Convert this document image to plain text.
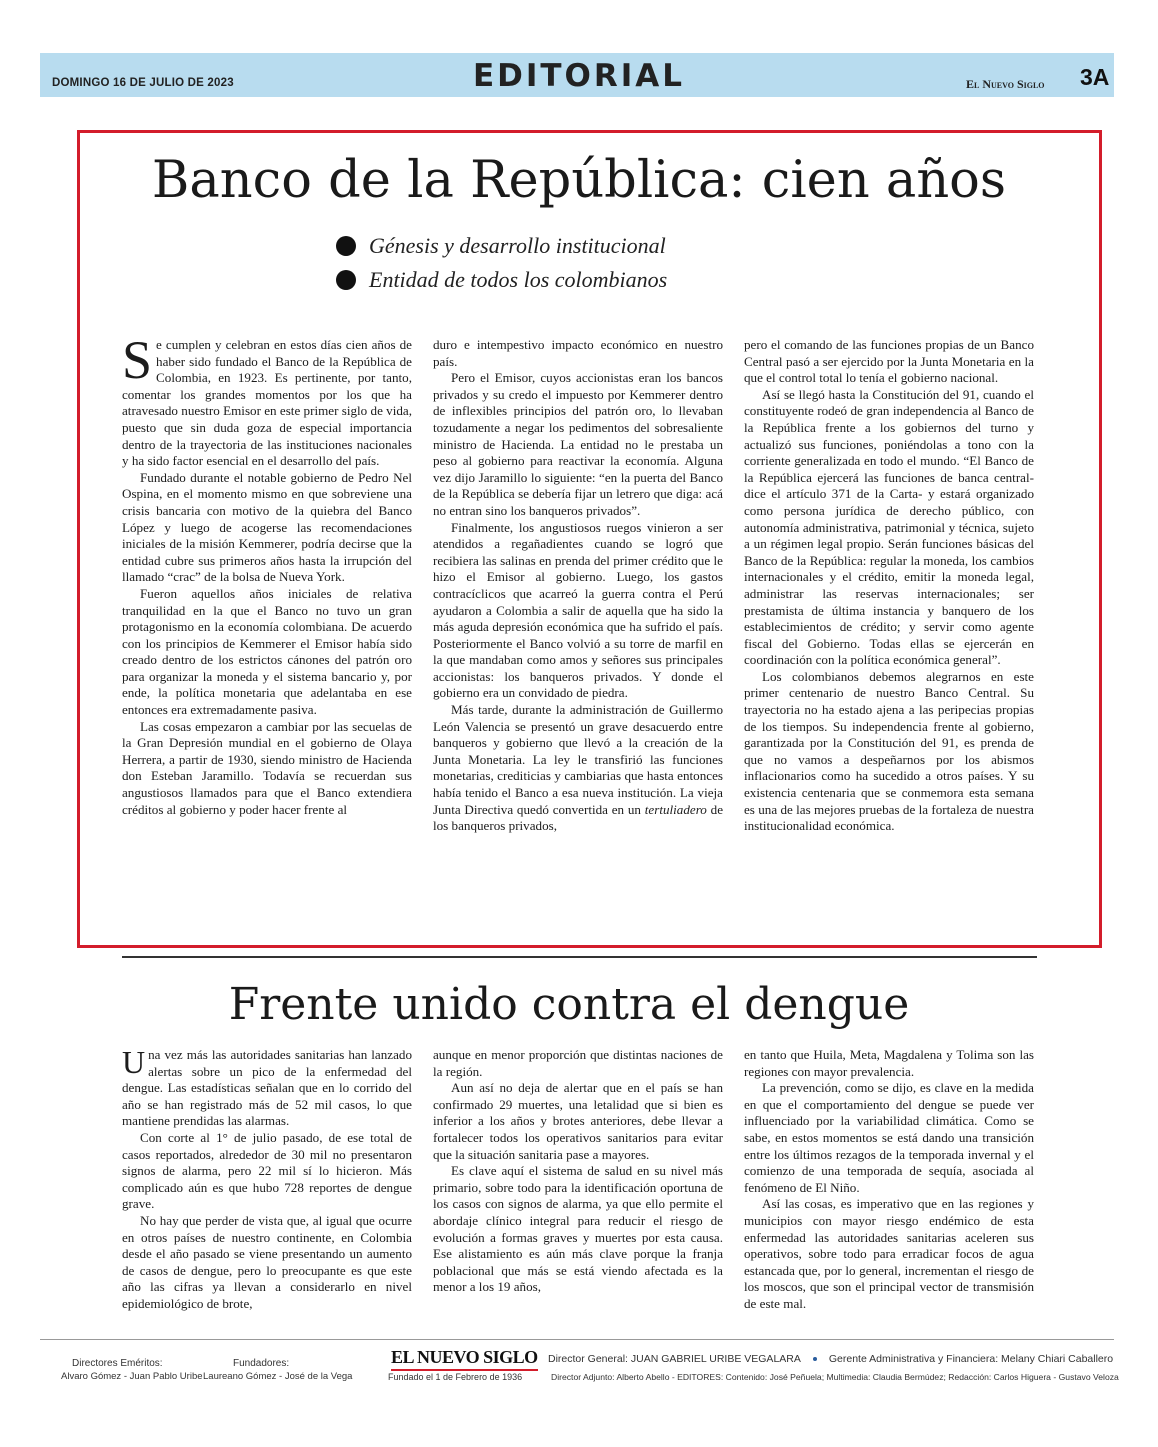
DOMINGO 16 DE JULIO DE 2023	EDITORIAL	El Nuevo Siglo 3A
Banco de la República: cien años
Génesis y desarrollo institucional
Entidad de todos los colombianos

Se cumplen y celebran en estos días cien años de haber sido fundado el Banco de la República de Colombia, en 1923. Es pertinente, por tanto, comentar los grandes momentos por los que ha atravesado nuestro Emisor en este primer siglo de vida, puesto que sin duda goza de especial importancia dentro de la trayectoria de las instituciones nacionales y ha sido factor esencial en el desarrollo del país.

Fundado durante el notable gobierno de Pedro Nel Ospina, en el momento mismo en que sobreviene una crisis bancaria con motivo de la quiebra del Banco López y luego de acogerse las recomendaciones iniciales de la misión Kemmerer, podría decirse que la entidad cubre sus primeros años hasta la irrupción del llamado “crac” de la bolsa de Nueva York.

Fueron aquellos años iniciales de relativa tranquilidad en la que el Banco no tuvo un gran protagonismo en la economía colombiana. De acuerdo con los principios de Kemmerer el Emisor había sido creado dentro de los estrictos cánones del patrón oro para organizar la moneda y el sistema bancario y, por ende, la política monetaria que adelantaba en ese entonces era extremadamente pasiva.

Las cosas empezaron a cambiar por las secuelas de la Gran Depresión mundial en el gobierno de Olaya Herrera, a partir de 1930, siendo ministro de Hacienda don Esteban Jaramillo. Todavía se recuerdan sus angustiosos llamados para que el Banco extendiera créditos al gobierno y poder hacer frente al

duro e intempestivo impacto económico en nuestro país.

Pero el Emisor, cuyos accionistas eran los bancos privados y su credo el impuesto por Kemmerer dentro de inflexibles principios del patrón oro, lo llevaban tozudamente a negar los pedimentos del sobresaliente ministro de Hacienda. La entidad no le prestaba un peso al gobierno para reactivar la economía. Alguna vez dijo Jaramillo lo siguiente: “en la puerta del Banco de la República se debería fijar un letrero que diga: acá no entran sino los banqueros privados”.

Finalmente, los angustiosos ruegos vinieron a ser atendidos a regañadientes cuando se logró que recibiera las salinas en prenda del primer crédito que le hizo el Emisor al gobierno. Luego, los gastos contracíclicos que acarreó la guerra contra el Perú ayudaron a Colombia a salir de aquella que ha sido la más aguda depresión económica que ha sufrido el país. Posteriormente el Banco volvió a su torre de marfil en la que mandaban como amos y señores sus principales accionistas: los banqueros privados. Y donde el gobierno era un convidado de piedra.

Más tarde, durante la administración de Guillermo León Valencia se presentó un grave desacuerdo entre banqueros y gobierno que llevó a la creación de la Junta Monetaria. La ley le transfirió las funciones monetarias, crediticias y cambiarias que hasta entonces había tenido el Banco a esa nueva institución. La vieja Junta Directiva quedó convertida en un tertuliadero de los banqueros privados,

pero el comando de las funciones propias de un Banco Central pasó a ser ejercido por la Junta Monetaria en la que el control total lo tenía el gobierno nacional.

Así se llegó hasta la Constitución del 91, cuando el constituyente rodeó de gran independencia al Banco de la República frente a los gobiernos del turno y actualizó sus funciones, poniéndolas a tono con la corriente generalizada en todo el mundo. “El Banco de la República ejercerá las funciones de banca central- dice el artículo 371 de la Carta- y estará organizado como persona jurídica de derecho público, con autonomía administrativa, patrimonial y técnica, sujeto a un régimen legal propio. Serán funciones básicas del Banco de la República: regular la moneda, los cambios internacionales y el crédito, emitir la moneda legal, administrar las reservas internacionales; ser prestamista de última instancia y banquero de los establecimientos de crédito; y servir como agente fiscal del Gobierno. Todas ellas se ejercerán en coordinación con la política económica general”.

Los colombianos debemos alegrarnos en este primer centenario de nuestro Banco Central. Su trayectoria no ha estado ajena a las peripecias propias de los tiempos. Su independencia frente al gobierno, garantizada por la Constitución del 91, es prenda de que no vamos a despeñarnos por los abismos inflacionarios como ha sucedido a otros países. Y su existencia centenaria que se conmemora esta semana es una de las mejores pruebas de la fortaleza de nuestra institucionalidad económica.

Frente unido contra el dengue

Una vez más las autoridades sanitarias han lanzado alertas sobre un pico de la enfermedad del dengue. Las estadísticas señalan que en lo corrido del año se han registrado más de 52 mil casos, lo que mantiene prendidas las alarmas.

Con corte al 1° de julio pasado, de ese total de casos reportados, alrededor de 30 mil no presentaron signos de alarma, pero 22 mil sí lo hicieron. Más complicado aún es que hubo 728 reportes de dengue grave.

No hay que perder de vista que, al igual que ocurre en otros países de nuestro continente, en Colombia desde el año pasado se viene presentando un aumento de casos de dengue, pero lo preocupante es que este año las cifras ya llevan a considerarlo en nivel epidemiológico de brote,

aunque en menor proporción que distintas naciones de la región.

Aun así no deja de alertar que en el país se han confirmado 29 muertes, una letalidad que si bien es inferior a los años y brotes anteriores, debe llevar a fortalecer todos los operativos sanitarios para evitar que la situación sanitaria pase a mayores.

Es clave aquí el sistema de salud en su nivel más primario, sobre todo para la identificación oportuna de los casos con signos de alarma, ya que ello permite el abordaje clínico integral para reducir el riesgo de evolución a formas graves y muertes por esta causa. Ese alistamiento es aún más clave porque la franja poblacional que más se está viendo afectada es la menor a los 19 años,

en tanto que Huila, Meta, Magdalena y Tolima son las regiones con mayor prevalencia.

La prevención, como se dijo, es clave en la medida en que el comportamiento del dengue se puede ver influenciado por la variabilidad climática. Como se sabe, en estos momentos se está dando una transición entre los últimos rezagos de la temporada invernal y el comienzo de una temporada de sequía, asociada al fenómeno de El Niño.

Así las cosas, es imperativo que en las regiones y municipios con mayor riesgo endémico de esta enfermedad las autoridades sanitarias aceleren sus operativos, sobre todo para erradicar focos de agua estancada que, por lo general, incrementan el riesgo de los moscos, que son el principal vector de transmisión de este mal.

Directores Eméritos:
Alvaro Gómez - Juan Pablo Uribe
Fundadores:
Laureano Gómez - José de la Vega
EL NUEVO SIGLO
Fundado el 1 de Febrero de 1936
Director General: JUAN GABRIEL URIBE VEGALARA	Gerente Administrativa y Financiera: Melany Chiari Caballero
Director Adjunto: Alberto Abello - EDITORES: Contenido: José Peñuela; Multimedia: Claudia Bermúdez; Redacción: Carlos Higuera - Gustavo Veloza
